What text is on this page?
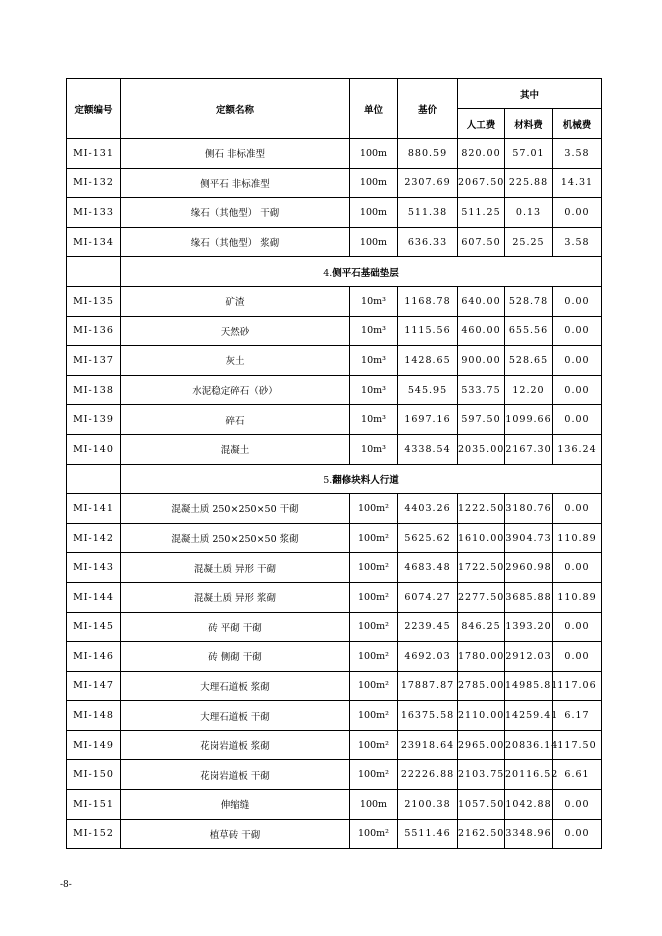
定额编号	定额名称	单位	基价	其中		
				人工费	材料费	机械费
MI-131	侧石 非标准型	100m	880.59	820.00	57.01	3.58
MI-132	侧平石 非标准型	100m	2307.69	2067.50	225.88	14.31
MI-133	缘石（其他型） 干砌	100m	511.38	511.25	0.13	0.00
MI-134	缘石（其他型） 浆砌	100m	636.33	607.50	25.25	3.58
	4.侧平石基础垫层					
MI-135	矿渣	10m³	1168.78	640.00	528.78	0.00
MI-136	天然砂	10m³	1115.56	460.00	655.56	0.00
MI-137	灰土	10m³	1428.65	900.00	528.65	0.00
MI-138	水泥稳定碎石（砂）	10m³	545.95	533.75	12.20	0.00
MI-139	碎石	10m³	1697.16	597.50	1099.66	0.00
MI-140	混凝土	10m³	4338.54	2035.00	2167.30	136.24
	5.翻修块料人行道					
MI-141	混凝土质 250×250×50 干砌	100m²	4403.26	1222.50	3180.76	0.00
MI-142	混凝土质 250×250×50 浆砌	100m²	5625.62	1610.00	3904.73	110.89
MI-143	混凝土质 异形 干砌	100m²	4683.48	1722.50	2960.98	0.00
MI-144	混凝土质 异形 浆砌	100m²	6074.27	2277.50	3685.88	110.89
MI-145	砖 平砌 干砌	100m²	2239.45	846.25	1393.20	0.00
MI-146	砖 侧砌 干砌	100m²	4692.03	1780.00	2912.03	0.00
MI-147	大理石道板 浆砌	100m²	17887.87	2785.00	14985.81	117.06
MI-148	大理石道板 干砌	100m²	16375.58	2110.00	14259.41	6.17
MI-149	花岗岩道板 浆砌	100m²	23918.64	2965.00	20836.14	117.50
MI-150	花岗岩道板 干砌	100m²	22226.88	2103.75	20116.52	6.61
MI-151	伸缩缝	100m	2100.38	1057.50	1042.88	0.00
MI-152	植草砖 干砌	100m²	5511.46	2162.50	3348.96	0.00
-8-
